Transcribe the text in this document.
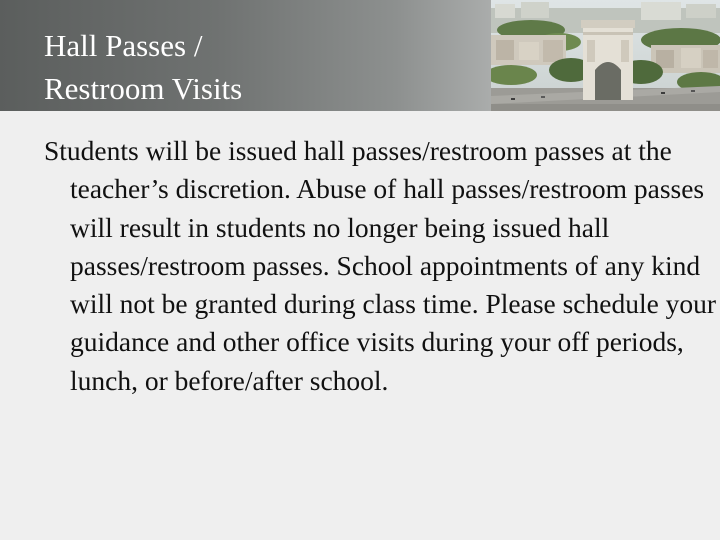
Hall Passes /
Restroom Visits

Students will be issued hall passes/restroom passes at the teacher’s discretion. Abuse of hall passes/restroom passes will result in students no longer being issued hall passes/restroom passes. School appointments of any kind will not be granted during class time. Please schedule your guidance and other office visits during your off periods, lunch, or before/after school.
